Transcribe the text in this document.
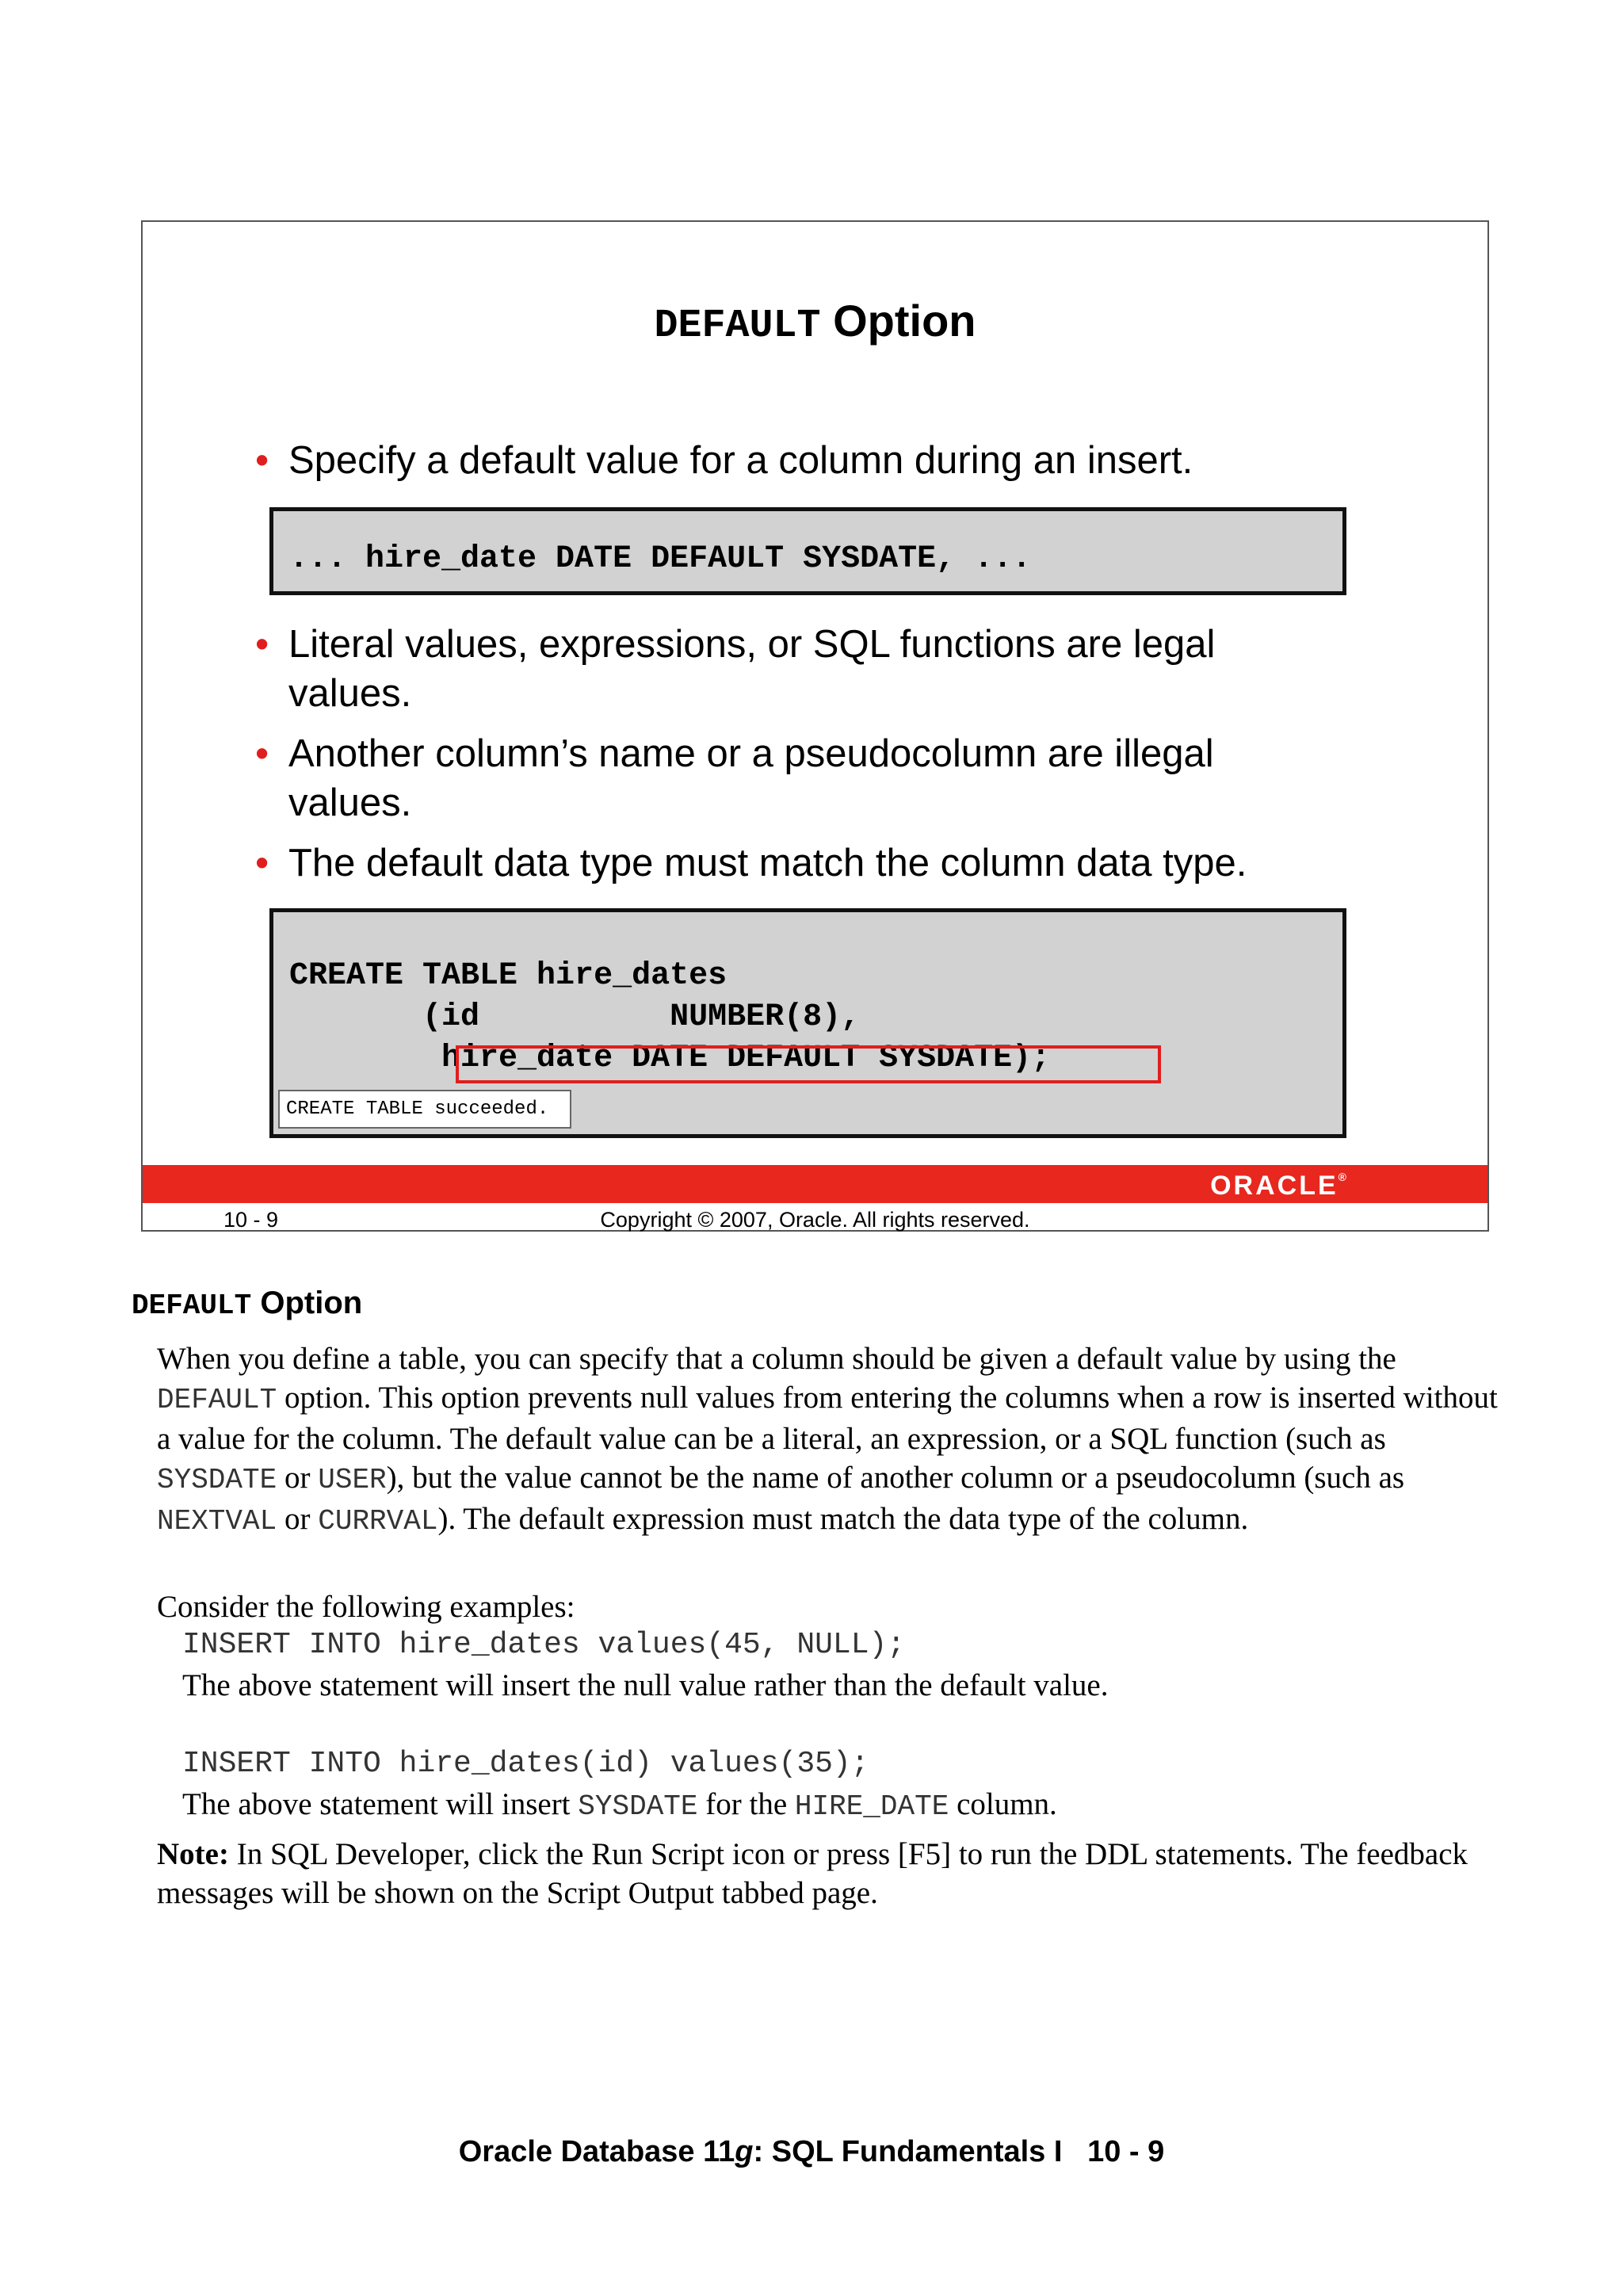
DEFAULT Option
• Specify a default value for a column during an insert.

... hire_date DATE DEFAULT SYSDATE, ...

• Literal values, expressions, or SQL functions are legal values.
• Another column’s name or a pseudocolumn are illegal values.
• The default data type must match the column data type.

CREATE TABLE hire_dates

(id          NUMBER(8),

hire_date DATE DEFAULT SYSDATE);

CREATE TABLE succeeded.

ORACLE®
10 - 9	Copyright © 2007, Oracle. All rights reserved.
DEFAULT Option
When you define a table, you can specify that a column should be given a default value by using the DEFAULT option. This option prevents null values from entering the columns when a row is inserted without a value for the column. The default value can be a literal, an expression, or a SQL function (such as SYSDATE or USER), but the value cannot be the name of another column or a pseudocolumn (such as NEXTVAL or CURRVAL). The default expression must match the data type of the column.
Consider the following examples:
INSERT INTO hire_dates values(45, NULL);
The above statement will insert the null value rather than the default value.
INSERT INTO hire_dates(id) values(35);
The above statement will insert SYSDATE for the HIRE_DATE column.
Note: In SQL Developer, click the Run Script icon or press [F5] to run the DDL statements. The feedback messages will be shown on the Script Output tabbed page.
Oracle Database 11g: SQL Fundamentals I   10 - 9
